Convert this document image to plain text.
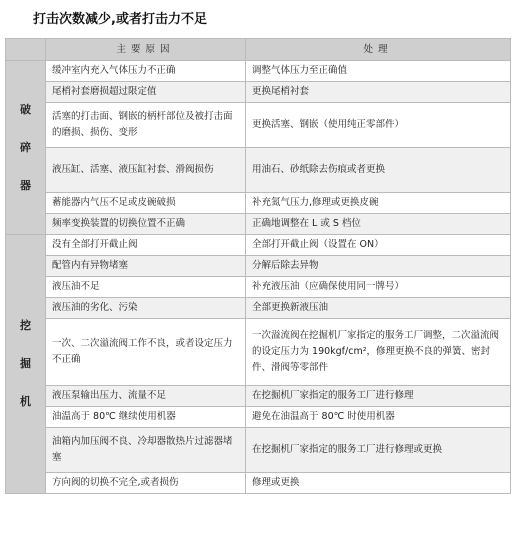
打击次数减少,或者打击力不足
	主要原因	处理

破
碎
器	缓冲室内充入气体压力不正确	调整气体压力至正确值
	尾梢衬套磨损超过限定值	更换尾梢衬套
	活塞的打击面、钢嵌的柄杆部位及被打击面的磨损、损伤、变形	更换活塞、钢嵌（使用纯正零部件）
	液压缸、活塞、液压缸衬套、滑阀损伤	用油石、砂纸除去伤痕或者更换
	蓄能器内气压不足或皮碗破损	补充氮气压力,修理或更换皮碗
	频率变换装置的切换位置不正确	正确地调整在 L 或 S 档位

挖
掘
机	没有全部打开截止阀	全部打开截止阀（设置在 ON）
	配管内有异物堵塞	分解后除去异物
	液压油不足	补充液压油（应确保使用同一牌号）
	液压油的劣化、污染	全部更换新液压油
	一次、二次溢流阀工作不良，或者设定压力不正确	一次溢流阀在挖掘机厂家指定的服务工厂调整，二次溢流阀的设定压力为 190kgf/cm²，修理更换不良的弹簧、密封件、滑阀等零部件
	液压泵输出压力、流量不足	在挖掘机厂家指定的服务工厂进行修理
	油温高于 80℃ 继续使用机器	避免在油温高于 80℃ 时使用机器
	油箱内加压阀不良、冷却器散热片过滤器堵塞	在挖掘机厂家指定的服务工厂进行修理或更换
	方向阀的切换不完全,或者损伤	修理或更换
